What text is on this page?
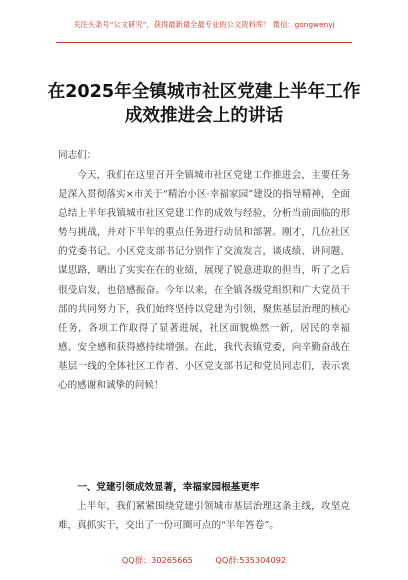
关注头条号“公文研究”，获得最新最全最专业的公文资料库！ 微信：gongwenyj
在2025年全镇城市社区党建上半年工作成效推进会上的讲话
同志们：

今天，我们在这里召开全镇城市社区党建工作推进会，主要任务是深入贯彻落实×市关于“精治小区·幸福家园”建设的指导精神，全面总结上半年我镇城市社区党建工作的成效与经验，分析当前面临的形势与挑战，并对下半年的重点任务进行动员和部署。刚才，几位社区的党委书记、小区党支部书记分别作了交流发言，谈成绩、讲问题、谋思路，晒出了实实在在的业绩，展现了锐意进取的担当，听了之后很受启发，也倍感振奋。今年以来，在全镇各级党组织和广大党员干部的共同努力下，我们始终坚持以党建为引领，聚焦基层治理的核心任务，各项工作取得了显著进展，社区面貌焕然一新，居民的幸福感、安全感和获得感持续增强。在此，我代表镇党委，向辛勤奋战在基层一线的全体社区工作者、小区党支部书记和党员同志们，表示衷心的感谢和诚挚的问候！

一、党建引领成效显著，幸福家园根基更牢

上半年，我们紧紧围绕党建引领城市基层治理这条主线，攻坚克难，真抓实干，交出了一份可圈可点的“半年答卷”。

QQ群：30265665	QQ群:535304092
